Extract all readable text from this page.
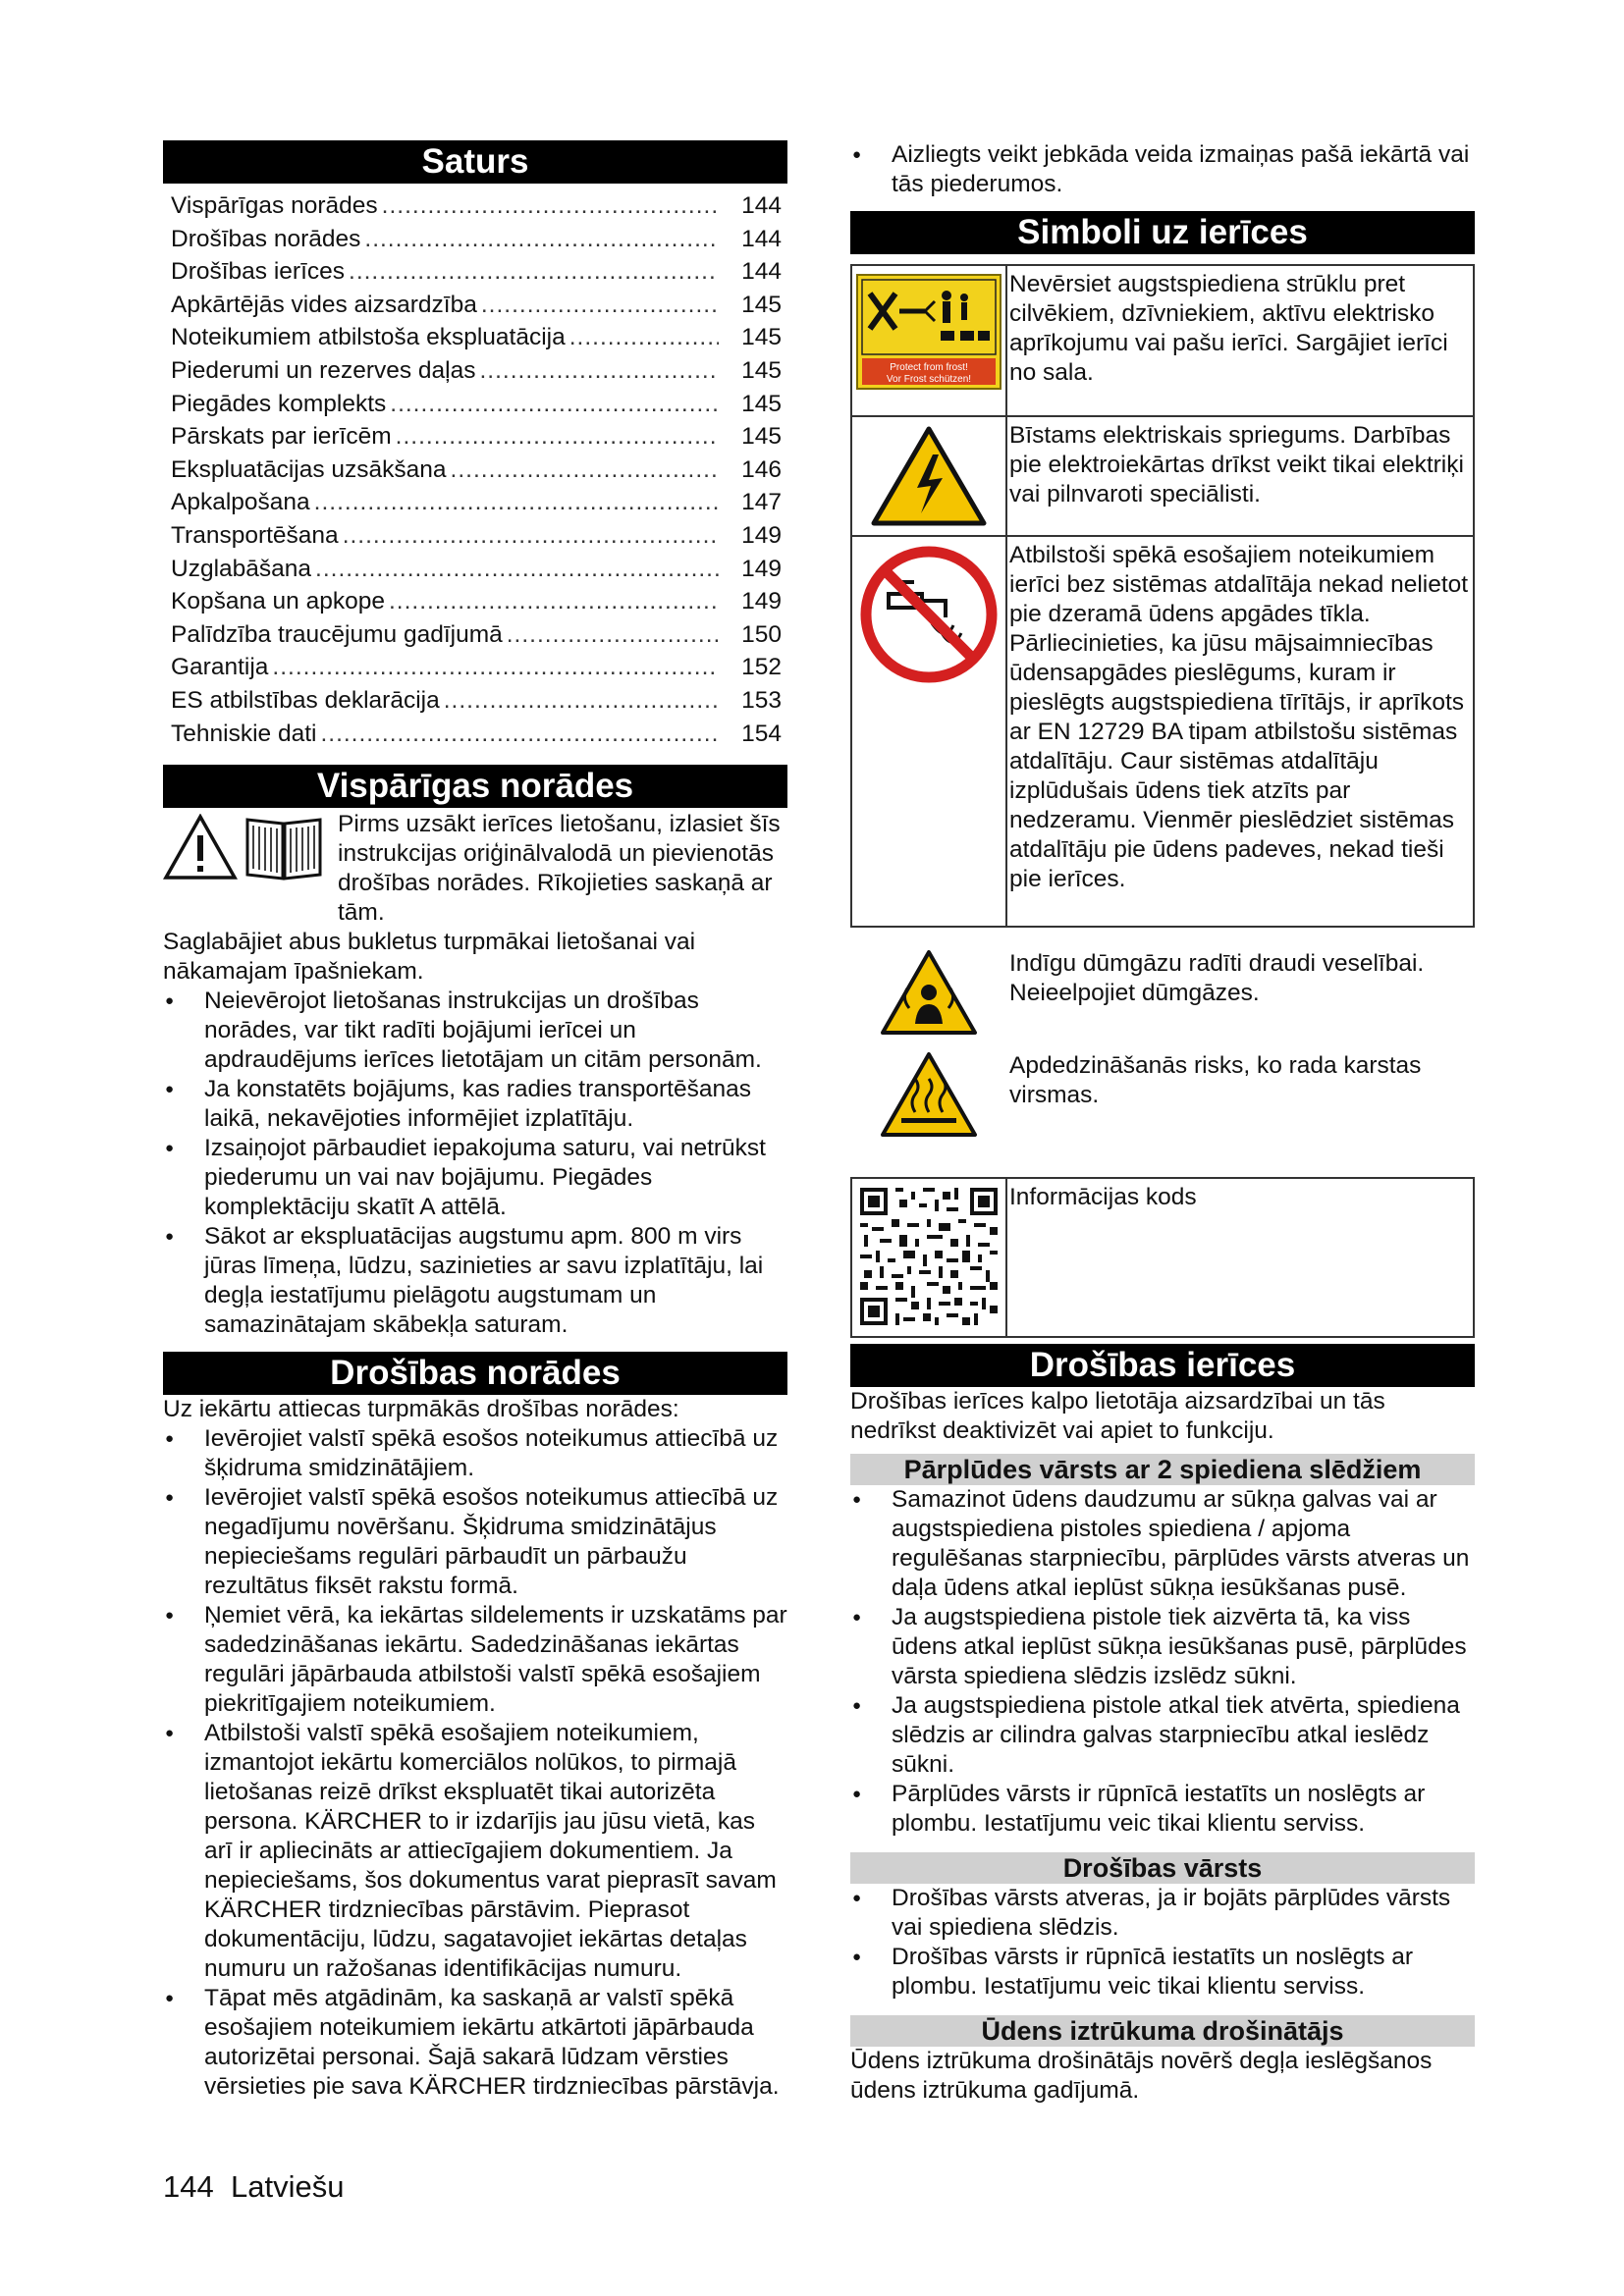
Saturs
Vispārīgas norādes .....	144
Drošības norādes .....	144
Drošības ierīces .....	144
Apkārtējās vides aizsardzība .....	145
Noteikumiem atbilstoša ekspluatācija .....	145
Piederumi un rezerves daļas .....	145
Piegādes komplekts .....	145
Pārskats par ierīcēm .....	145
Ekspluatācijas uzsākšana .....	146
Apkalpošana .....	147
Transportēšana .....	149
Uzglabāšana .....	149
Kopšana un apkope .....	149
Palīdzība traucējumu gadījumā .....	150
Garantija .....	152
ES atbilstības deklarācija .....	153
Tehniskie dati .....	154
Vispārīgas norādes

Pirms uzsākt ierīces lietošanu, izlasiet šīs instrukcijas oriģinālvalodā un pievienotās drošības norādes. Rīkojieties saskaņā ar tām.

Saglabājiet abus bukletus turpmākai lietošanai vai nākamajam īpašniekam.

● Neievērojot lietošanas instrukcijas un drošības norādes, var tikt radīti bojājumi ierīcei un apdraudējums ierīces lietotājam un citām personām.
● Ja konstatēts bojājums, kas radies transportēšanas laikā, nekavējoties informējiet izplatītāju.
● Izsaiņojot pārbaudiet iepakojuma saturu, vai netrūkst piederumu un vai nav bojājumu. Piegādes komplektāciju skatīt A attēlā.
● Sākot ar ekspluatācijas augstumu apm. 800 m virs jūras līmeņa, lūdzu, sazinieties ar savu izplatītāju, lai degļa iestatījumu pielāgotu augstumam un samazinātajam skābekļa saturam.
Drošības norādes

Uz iekārtu attiecas turpmākās drošības norādes:

● Ievērojiet valstī spēkā esošos noteikumus attiecībā uz šķidruma smidzinātājiem.
● Ievērojiet valstī spēkā esošos noteikumus attiecībā uz negadījumu novēršanu. Šķidruma smidzinātājus nepieciešams regulāri pārbaudīt un pārbaužu rezultātus fiksēt rakstu formā.
● Ņemiet vērā, ka iekārtas sildelements ir uzskatāms par sadedzināšanas iekārtu. Sadedzināšanas iekārtas regulāri jāpārbauda atbilstoši valstī spēkā esošajiem piekritīgajiem noteikumiem.
● Atbilstoši valstī spēkā esošajiem noteikumiem, izmantojot iekārtu komerciālos nolūkos, to pirmajā lietošanas reizē drīkst ekspluatēt tikai autorizēta persona. KÄRCHER to ir izdarījis jau jūsu vietā, kas arī ir apliecināts ar attiecīgajiem dokumentiem. Ja nepieciešams, šos dokumentus varat pieprasīt savam KÄRCHER tirdzniecības pārstāvim. Pieprasot dokumentāciju, lūdzu, sagatavojiet iekārtas detaļas numuru un ražošanas identifikācijas numuru.
● Tāpat mēs atgādinām, ka saskaņā ar valstī spēkā esošajiem noteikumiem iekārtu atkārtoti jāpārbauda autorizētai personai. Šajā sakarā lūdzam vērsties vērsieties pie sava KÄRCHER tirdzniecības pārstāvja.
● Aizliegts veikt jebkāda veida izmaiņas pašā iekārtā vai tās piederumos.
Simboli uz ierīces
Protect from frost!
Vor Frost schützen!
Nevērsiet augstspiediena strūklu pret cilvēkiem, dzīvniekiem, aktīvu elektrisko aprīkojumu vai pašu ierīci. Sargājiet ierīci no sala.
Bīstams elektriskais spriegums. Darbības pie elektroiekārtas drīkst veikt tikai elektriķi vai pilnvaroti speciālisti.
Atbilstoši spēkā esošajiem noteikumiem ierīci bez sistēmas atdalītāja nekad nelietot pie dzeramā ūdens apgādes tīkla. Pārliecinieties, ka jūsu mājsaimniecības ūdensapgādes pieslēgums, kuram ir pieslēgts augstspiediena tīrītājs, ir aprīkots ar EN 12729 BA tipam atbilstošu sistēmas atdalītāju. Caur sistēmas atdalītāju izplūdušais ūdens tiek atzīts par nedzeramu. Vienmēr pieslēdziet sistēmas atdalītāju pie ūdens padeves, nekad tieši pie ierīces.
Indīgu dūmgāzu radīti draudi veselībai. Neieelpojiet dūmgāzes.
Apdedzināšanās risks, ko rada karstas virsmas.
Informācijas kods
Drošības ierīces

Drošības ierīces kalpo lietotāja aizsardzībai un tās nedrīkst deaktivizēt vai apiet to funkciju.

Pārplūdes vārsts ar 2 spiediena slēdžiem
● Samazinot ūdens daudzumu ar sūkņa galvas vai ar augstspiediena pistoles spiediena / apjoma regulēšanas starpniecību, pārplūdes vārsts atveras un daļa ūdens atkal ieplūst sūkņa iesūkšanas pusē.
● Ja augstspiediena pistole tiek aizvērta tā, ka viss ūdens atkal ieplūst sūkņa iesūkšanas pusē, pārplūdes vārsta spiediena slēdzis izslēdz sūkni.
● Ja augstspiediena pistole atkal tiek atvērta, spiediena slēdzis ar cilindra galvas starpniecību atkal ieslēdz sūkni.
● Pārplūdes vārsts ir rūpnīcā iestatīts un noslēgts ar plombu. Iestatījumu veic tikai klientu serviss.
Drošības vārsts
● Drošības vārsts atveras, ja ir bojāts pārplūdes vārsts vai spiediena slēdzis.
● Drošības vārsts ir rūpnīcā iestatīts un noslēgts ar plombu. Iestatījumu veic tikai klientu serviss.
Ūdens iztrūkuma drošinātājs

Ūdens iztrūkuma drošinātājs novērš degļa ieslēgšanos ūdens iztrūkuma gadījumā.

144 Latviešu
